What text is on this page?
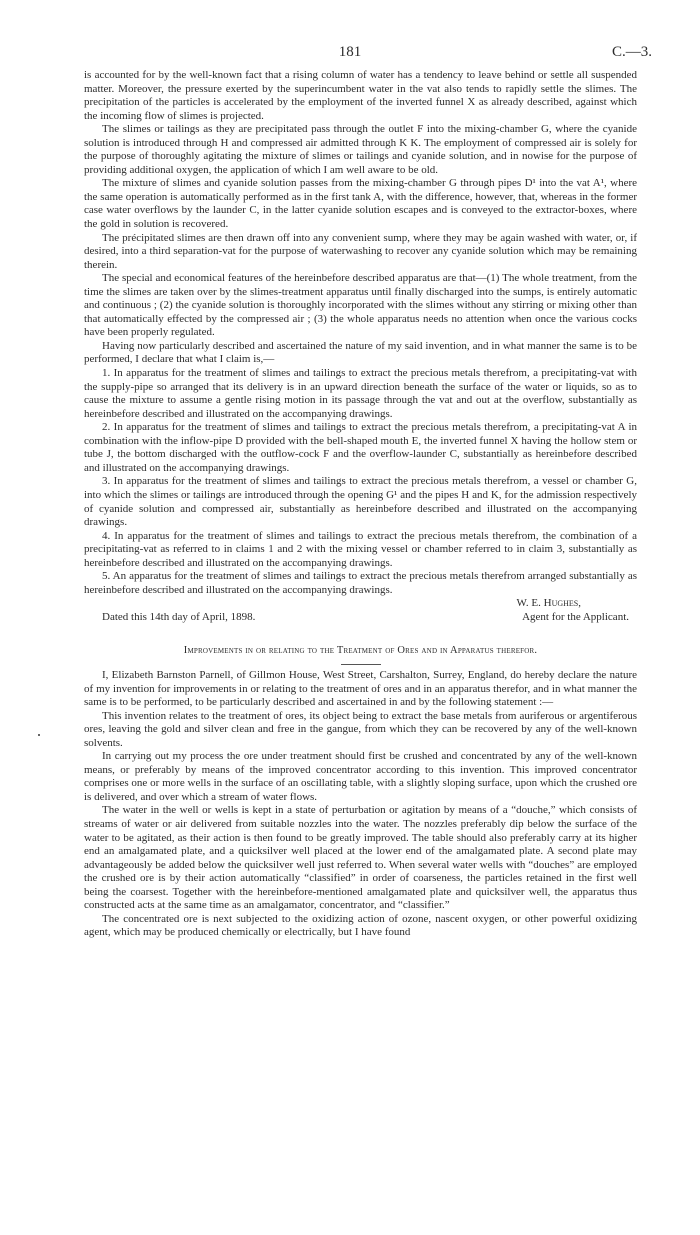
181	C.—3.

is accounted for by the well-known fact that a rising column of water has a tendency to leave behind or settle all suspended matter. Moreover, the pressure exerted by the superincumbent water in the vat also tends to rapidly settle the slimes. The precipitation of the particles is accelerated by the employment of the inverted funnel X as already described, against which the incoming flow of slimes is projected.

The slimes or tailings as they are precipitated pass through the outlet F into the mixing-chamber G, where the cyanide solution is introduced through H and compressed air admitted through K K. The employment of compressed air is solely for the purpose of thoroughly agitating the mixture of slimes or tailings and cyanide solution, and in nowise for the purpose of providing additional oxygen, the application of which I am well aware to be old.

The mixture of slimes and cyanide solution passes from the mixing-chamber G through pipes D¹ into the vat A¹, where the same operation is automatically performed as in the first tank A, with the difference, however, that, whereas in the former case water overflows by the launder C, in the latter cyanide solution escapes and is conveyed to the extractor-boxes, where the gold in solution is recovered.

The précipitated slimes are then drawn off into any convenient sump, where they may be again washed with water, or, if desired, into a third separation-vat for the purpose of waterwashing to recover any cyanide solution which may be remaining therein.

The special and economical features of the hereinbefore described apparatus are that—(1) The whole treatment, from the time the slimes are taken over by the slimes-treatment apparatus until finally discharged into the sumps, is entirely automatic and continuous ; (2) the cyanide solution is thoroughly incorporated with the slimes without any stirring or mixing other than that automatically effected by the compressed air ; (3) the whole apparatus needs no attention when once the various cocks have been properly regulated.

Having now particularly described and ascertained the nature of my said invention, and in what manner the same is to be performed, I declare that what I claim is,—

1. In apparatus for the treatment of slimes and tailings to extract the precious metals therefrom, a precipitating-vat with the supply-pipe so arranged that its delivery is in an upward direction beneath the surface of the water or liquids, so as to cause the mixture to assume a gentle rising motion in its passage through the vat and out at the overflow, substantially as hereinbefore described and illustrated on the accompanying drawings.

2. In apparatus for the treatment of slimes and tailings to extract the precious metals therefrom, a precipitating-vat A in combination with the inflow-pipe D provided with the bell-shaped mouth E, the inverted funnel X having the hollow stem or tube J, the bottom discharged with the outflow-cock F and the overflow-launder C, substantially as hereinbefore described and illustrated on the accompanying drawings.

3. In apparatus for the treatment of slimes and tailings to extract the precious metals therefrom, a vessel or chamber G, into which the slimes or tailings are introduced through the opening G¹ and the pipes H and K, for the admission respectively of cyanide solution and compressed air, substantially as hereinbefore described and illustrated on the accompanying drawings.

4. In apparatus for the treatment of slimes and tailings to extract the precious metals therefrom, the combination of a precipitating-vat as referred to in claims 1 and 2 with the mixing vessel or chamber referred to in claim 3, substantially as hereinbefore described and illustrated on the accompanying drawings.

5. An apparatus for the treatment of slimes and tailings to extract the precious metals therefrom arranged substantially as hereinbefore described and illustrated on the accompanying drawings.

W. E. Hughes,
Dated this 14th day of April, 1898.	Agent for the Applicant.

Improvements in or relating to the Treatment of Ores and in Apparatus therefor.

I, Elizabeth Barnston Parnell, of Gillmon House, West Street, Carshalton, Surrey, England, do hereby declare the nature of my invention for improvements in or relating to the treatment of ores and in an apparatus therefor, and in what manner the same is to be performed, to be particularly described and ascertained in and by the following statement :—

This invention relates to the treatment of ores, its object being to extract the base metals from auriferous or argentiferous ores, leaving the gold and silver clean and free in the gangue, from which they can be recovered by any of the well-known solvents.

In carrying out my process the ore under treatment should first be crushed and concentrated by any of the well-known means, or preferably by means of the improved concentrator according to this invention. This improved concentrator comprises one or more wells in the surface of an oscillating table, with a slightly sloping surface, upon which the crushed ore is delivered, and over which a stream of water flows.

The water in the well or wells is kept in a state of perturbation or agitation by means of a “douche,” which consists of streams of water or air delivered from suitable nozzles into the water. The nozzles preferably dip below the surface of the water to be agitated, as their action is then found to be greatly improved. The table should also preferably carry at its higher end an amalgamated plate, and a quicksilver well placed at the lower end of the amalgamated plate. A second plate may advantageously be added below the quicksilver well just referred to. When several water wells with “douches” are employed the crushed ore is by their action automatically “classified” in order of coarseness, the particles retained in the first well being the coarsest. Together with the hereinbefore-mentioned amalgamated plate and quicksilver well, the apparatus thus constructed acts at the same time as an amalgamator, concentrator, and “classifier.”

The concentrated ore is next subjected to the oxidizing action of ozone, nascent oxygen, or other powerful oxidizing agent, which may be produced chemically or electrically, but I have found
